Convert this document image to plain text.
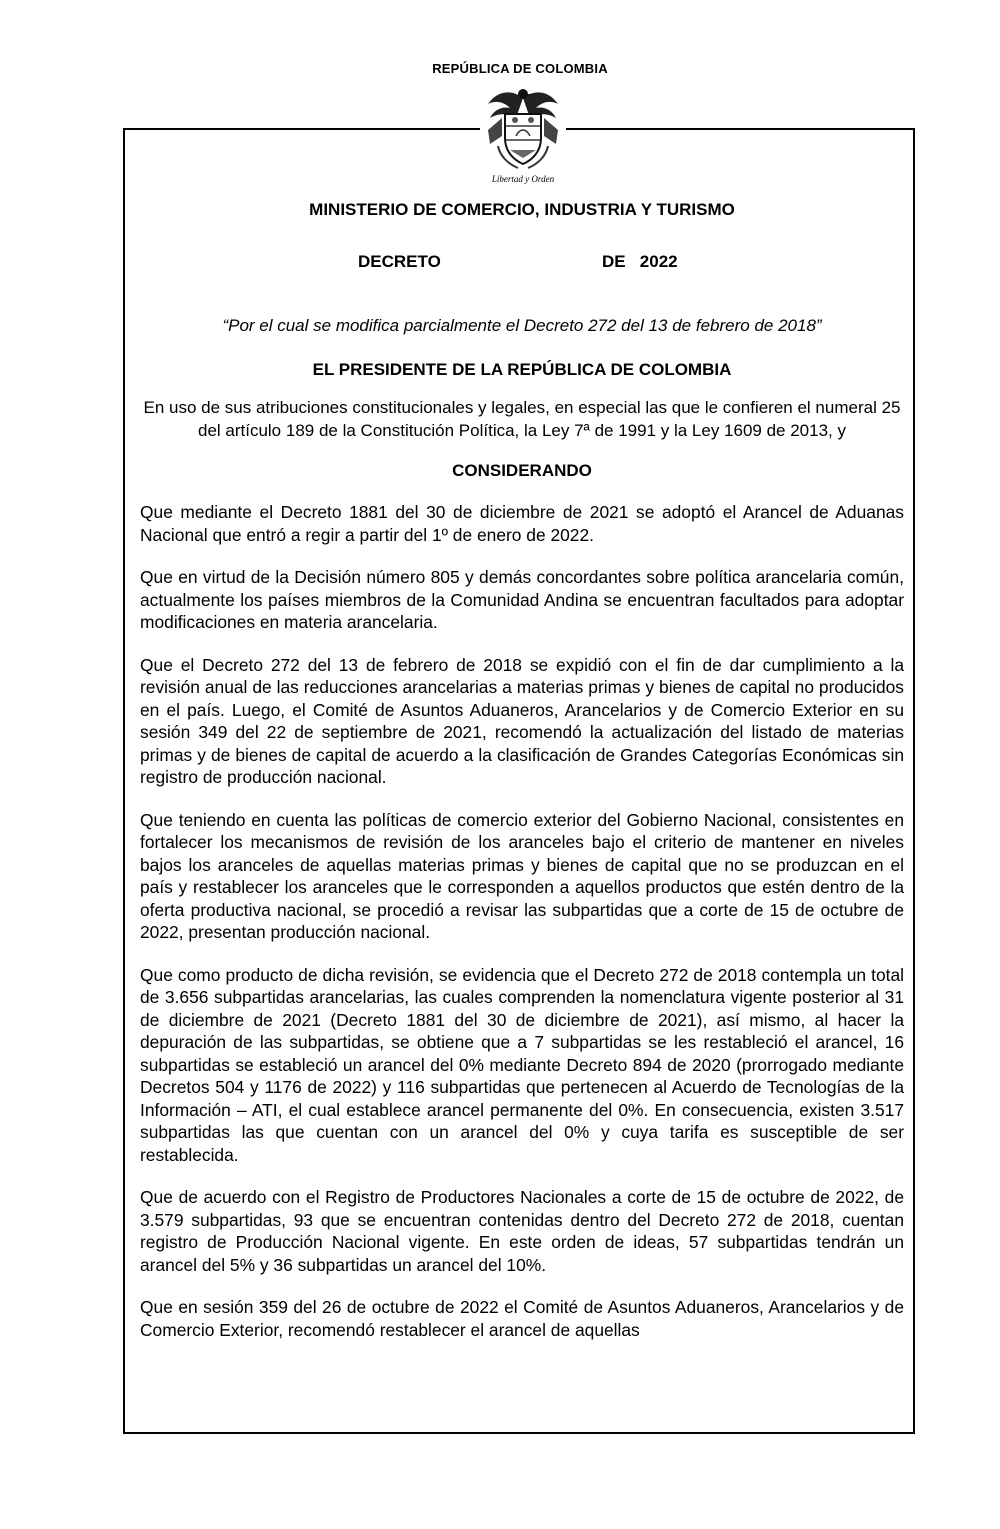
REPÚBLICA DE COLOMBIA
MINISTERIO DE COMERCIO, INDUSTRIA Y TURISMO
DECRETO	DE   2022
“Por el cual se modifica parcialmente el Decreto 272 del 13 de febrero de 2018”
EL PRESIDENTE DE LA REPÚBLICA DE COLOMBIA
En uso de sus atribuciones constitucionales y legales, en especial las que le confieren el numeral 25 del artículo 189 de la Constitución Política, la Ley 7ª de 1991 y la Ley 1609 de 2013, y
CONSIDERANDO
Que mediante el Decreto 1881 del 30 de diciembre de 2021 se adoptó el Arancel de Aduanas Nacional que entró a regir a partir del 1º de enero de 2022.
Que en virtud de la Decisión número 805 y demás concordantes sobre política arancelaria común, actualmente los países miembros de la Comunidad Andina se encuentran facultados para adoptar modificaciones en materia arancelaria.
Que el Decreto 272 del 13 de febrero de 2018 se expidió con el fin de dar cumplimiento a la revisión anual de las reducciones arancelarias a materias primas y bienes de capital no producidos en el país. Luego, el Comité de Asuntos Aduaneros, Arancelarios y de Comercio Exterior en su sesión 349 del 22 de septiembre de 2021, recomendó la actualización del listado de materias primas y de bienes de capital de acuerdo a la clasificación de Grandes Categorías Económicas sin registro de producción nacional.
Que teniendo en cuenta las políticas de comercio exterior del Gobierno Nacional, consistentes en fortalecer los mecanismos de revisión de los aranceles bajo el criterio de mantener en niveles bajos los aranceles de aquellas materias primas y bienes de capital que no se produzcan en el país y restablecer los aranceles que le corresponden a aquellos productos que estén dentro de la oferta productiva nacional, se procedió a revisar las subpartidas que a corte de 15 de octubre de 2022, presentan producción nacional.
Que como producto de dicha revisión, se evidencia que el Decreto 272 de 2018 contempla un total de 3.656 subpartidas arancelarias, las cuales comprenden la nomenclatura vigente posterior al 31 de diciembre de 2021 (Decreto 1881 del 30 de diciembre de 2021), así mismo, al hacer la depuración de las subpartidas, se obtiene que a 7 subpartidas se les restableció el arancel, 16 subpartidas se estableció un arancel del 0% mediante Decreto 894 de 2020 (prorrogado mediante Decretos 504 y 1176 de 2022) y 116 subpartidas que pertenecen al Acuerdo de Tecnologías de la Información – ATI, el cual establece arancel permanente del 0%. En consecuencia, existen 3.517 subpartidas las que cuentan con un arancel del 0% y cuya tarifa es susceptible de ser restablecida.
Que de acuerdo con el Registro de Productores Nacionales a corte de 15 de octubre de 2022, de 3.579 subpartidas, 93 que se encuentran contenidas dentro del Decreto 272 de 2018, cuentan registro de Producción Nacional vigente. En este orden de ideas, 57 subpartidas tendrán un arancel del 5% y 36 subpartidas un arancel del 10%.
Que en sesión 359 del 26 de octubre de 2022 el Comité de Asuntos Aduaneros, Arancelarios y de Comercio Exterior, recomendó restablecer el arancel de aquellas
Libertad y Orden
